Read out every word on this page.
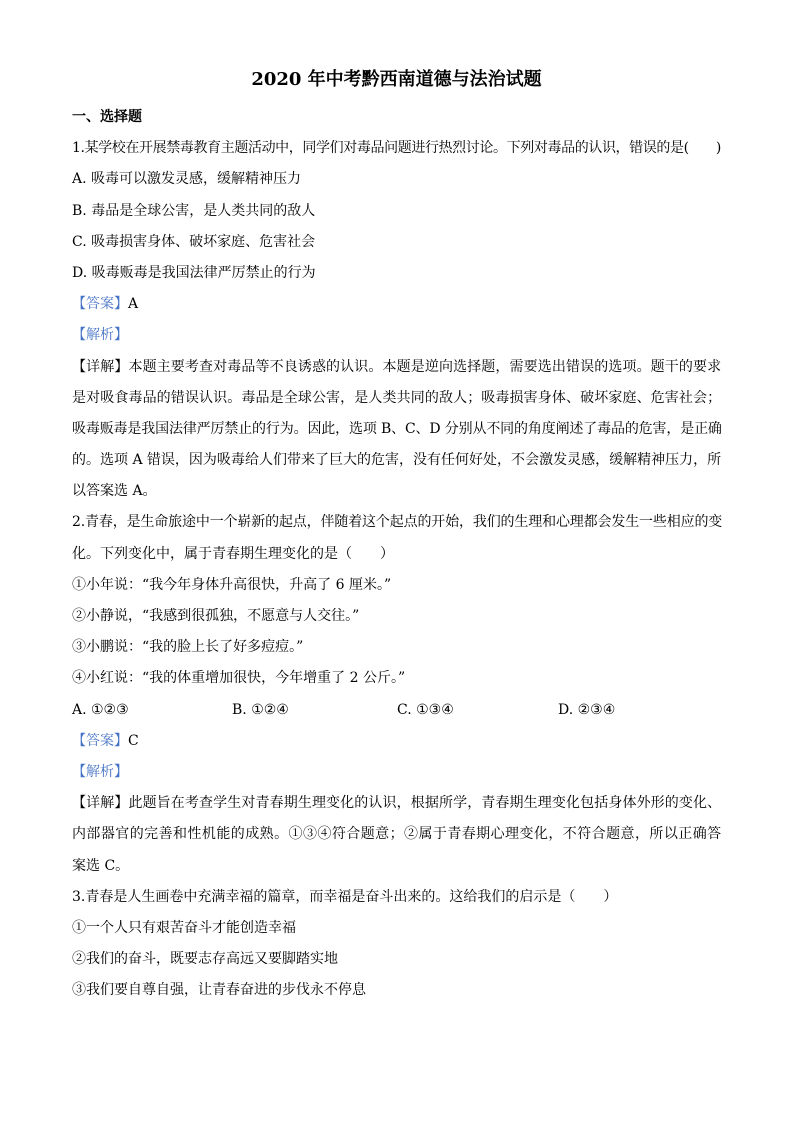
2020 年中考黔西南道德与法治试题
一、选择题
1.某学校在开展禁毒教育主题活动中，同学们对毒品问题进行热烈讨论。下列对毒品的认识，错误的是(　　)
A. 吸毒可以激发灵感，缓解精神压力
B. 毒品是全球公害，是人类共同的敌人
C. 吸毒损害身体、破坏家庭、危害社会
D. 吸毒贩毒是我国法律严厉禁止的行为
【答案】A
【解析】
【详解】本题主要考查对毒品等不良诱惑的认识。本题是逆向选择题，需要选出错误的选项。题干的要求
是对吸食毒品的错误认识。毒品是全球公害，是人类共同的敌人；吸毒损害身体、破坏家庭、危害社会；
吸毒贩毒是我国法律严厉禁止的行为。因此，选项 B、C、D 分别从不同的角度阐述了毒品的危害，是正确
的。选项 A 错误，因为吸毒给人们带来了巨大的危害，没有任何好处，不会激发灵感，缓解精神压力，所
以答案选 A。
2.青春，是生命旅途中一个崭新的起点，伴随着这个起点的开始，我们的生理和心理都会发生一些相应的变
化。下列变化中，属于青春期生理变化的是（　　）
①小年说：“我今年身体升高很快，升高了 6 厘米。”
②小静说，“我感到很孤独，不愿意与人交往。”
③小鹏说：“我的脸上长了好多痘痘。”
④小红说：“我的体重增加很快，今年增重了 2 公斤。”
A. ①②③	B. ①②④	C. ①③④	D. ②③④
【答案】C
【解析】
【详解】此题旨在考查学生对青春期生理变化的认识，根据所学，青春期生理变化包括身体外形的变化、
内部器官的完善和性机能的成熟。①③④符合题意；②属于青春期心理变化，不符合题意，所以正确答
案选 C。
3.青春是人生画卷中充满幸福的篇章，而幸福是奋斗出来的。这给我们的启示是（　　）
①一个人只有艰苦奋斗才能创造幸福
②我们的奋斗，既要志存高远又要脚踏实地
③我们要自尊自强，让青春奋进的步伐永不停息
